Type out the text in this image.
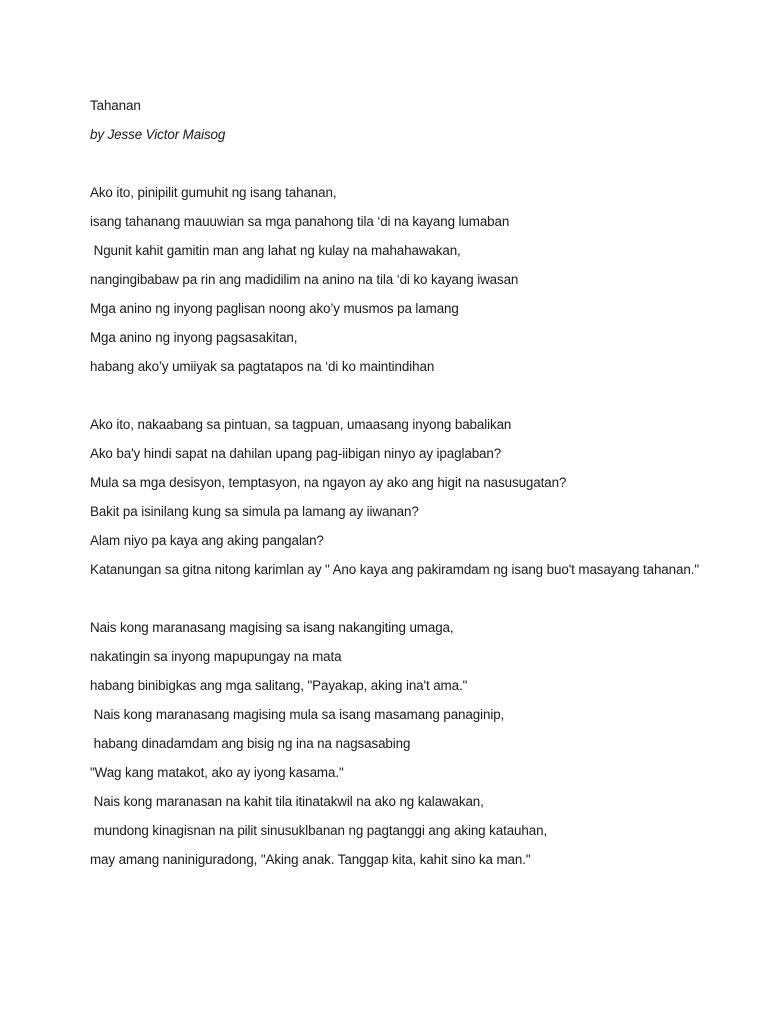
Tahanan
by Jesse Victor Maisog
Ako ito, pinipilit gumuhit ng isang tahanan,
isang tahanang mauuwian sa mga panahong tila ‘di na kayang lumaban
Ngunit kahit gamitin man ang lahat ng kulay na mahahawakan,
nangingibabaw pa rin ang madidilim na anino na tila ‘di ko kayang iwasan
Mga anino ng inyong paglisan noong ako’y musmos pa lamang
Mga anino ng inyong pagsasakitan,
habang ako’y umiiyak sa pagtatapos na ‘di ko maintindihan
Ako ito, nakaabang sa pintuan, sa tagpuan, umaasang inyong babalikan
Ako ba'y hindi sapat na dahilan upang pag-iibigan ninyo ay ipaglaban?
Mula sa mga desisyon, temptasyon, na ngayon ay ako ang higit na nasusugatan?
Bakit pa isinilang kung sa simula pa lamang ay iiwanan?
Alam niyo pa kaya ang aking pangalan?
Katanungan sa gitna nitong karimlan ay " Ano kaya ang pakiramdam ng isang buo't masayang tahanan."
Nais kong maranasang magising sa isang nakangiting umaga,
nakatingin sa inyong mapupungay na mata
habang binibigkas ang mga salitang, "Payakap, aking ina't ama."
Nais kong maranasang magising mula sa isang masamang panaginip,
habang dinadamdam ang bisig ng ina na nagsasabing
"Wag kang matakot, ako ay iyong kasama."
Nais kong maranasan na kahit tila itinatakwil na ako ng kalawakan,
mundong kinagisnan na pilit sinusuklbanan ng pagtanggi ang aking katauhan,
may amang naniniguradong, "Aking anak. Tanggap kita, kahit sino ka man."
